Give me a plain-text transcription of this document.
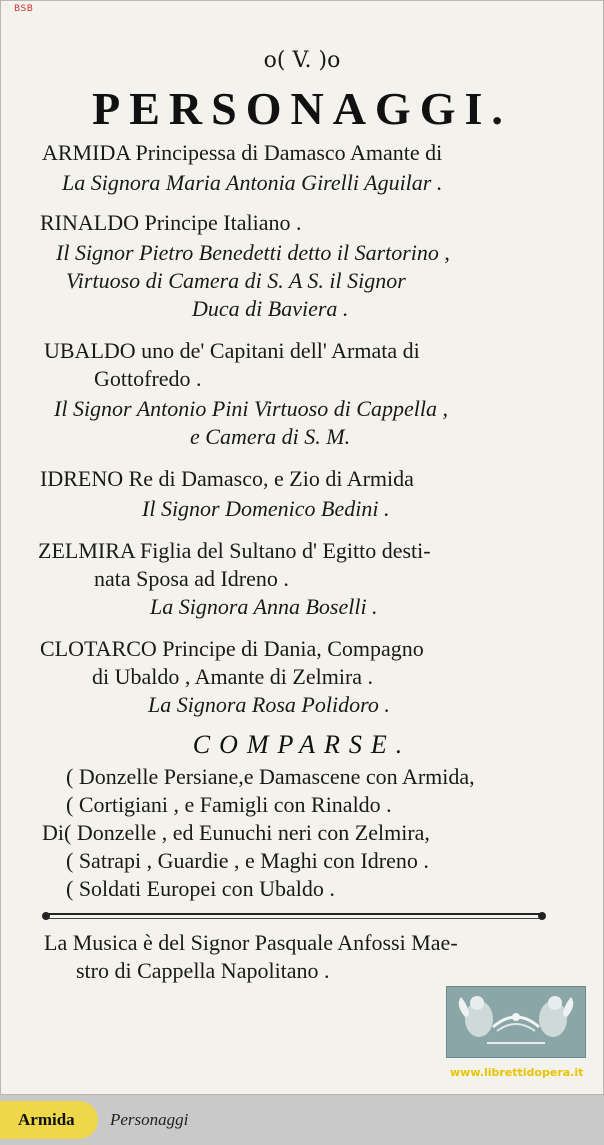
BSB
o( V. )o
PERSONAGGI.
ARMIDA Principessa di Damasco Amante di
La Signora Maria Antonia Girelli Aguilar .
RINALDO Principe Italiano .
Il Signor Pietro Benedetti detto il Sartorino ,
Virtuoso di Camera di S. A S. il Signor
Duca di Baviera .
UBALDO uno de' Capitani dell' Armata di
Gottofredo .
Il Signor Antonio Pini Virtuoso di Cappella ,
e Camera di S. M.
IDRENO Re di Damasco, e Zio di Armida
Il Signor Domenico Bedini .
ZELMIRA Figlia del Sultano d' Egitto desti-
nata Sposa ad Idreno .
La Signora Anna Boselli .
CLOTARCO Principe di Dania, Compagno
di Ubaldo , Amante di Zelmira .
La Signora Rosa Polidoro .
COMPARSE.
( Donzelle Persiane,e Damascene con Armida,
( Cortigiani , e Famigli con Rinaldo .
Di( Donzelle , ed Eunuchi neri con Zelmira,
( Satrapi , Guardie , e Maghi con Idreno .
( Soldati Europei con Ubaldo .
La Musica è del Signor Pasquale Anfossi Mae-
stro di Cappella Napolitano .
www.librettidopera.it
Armida Personaggi
